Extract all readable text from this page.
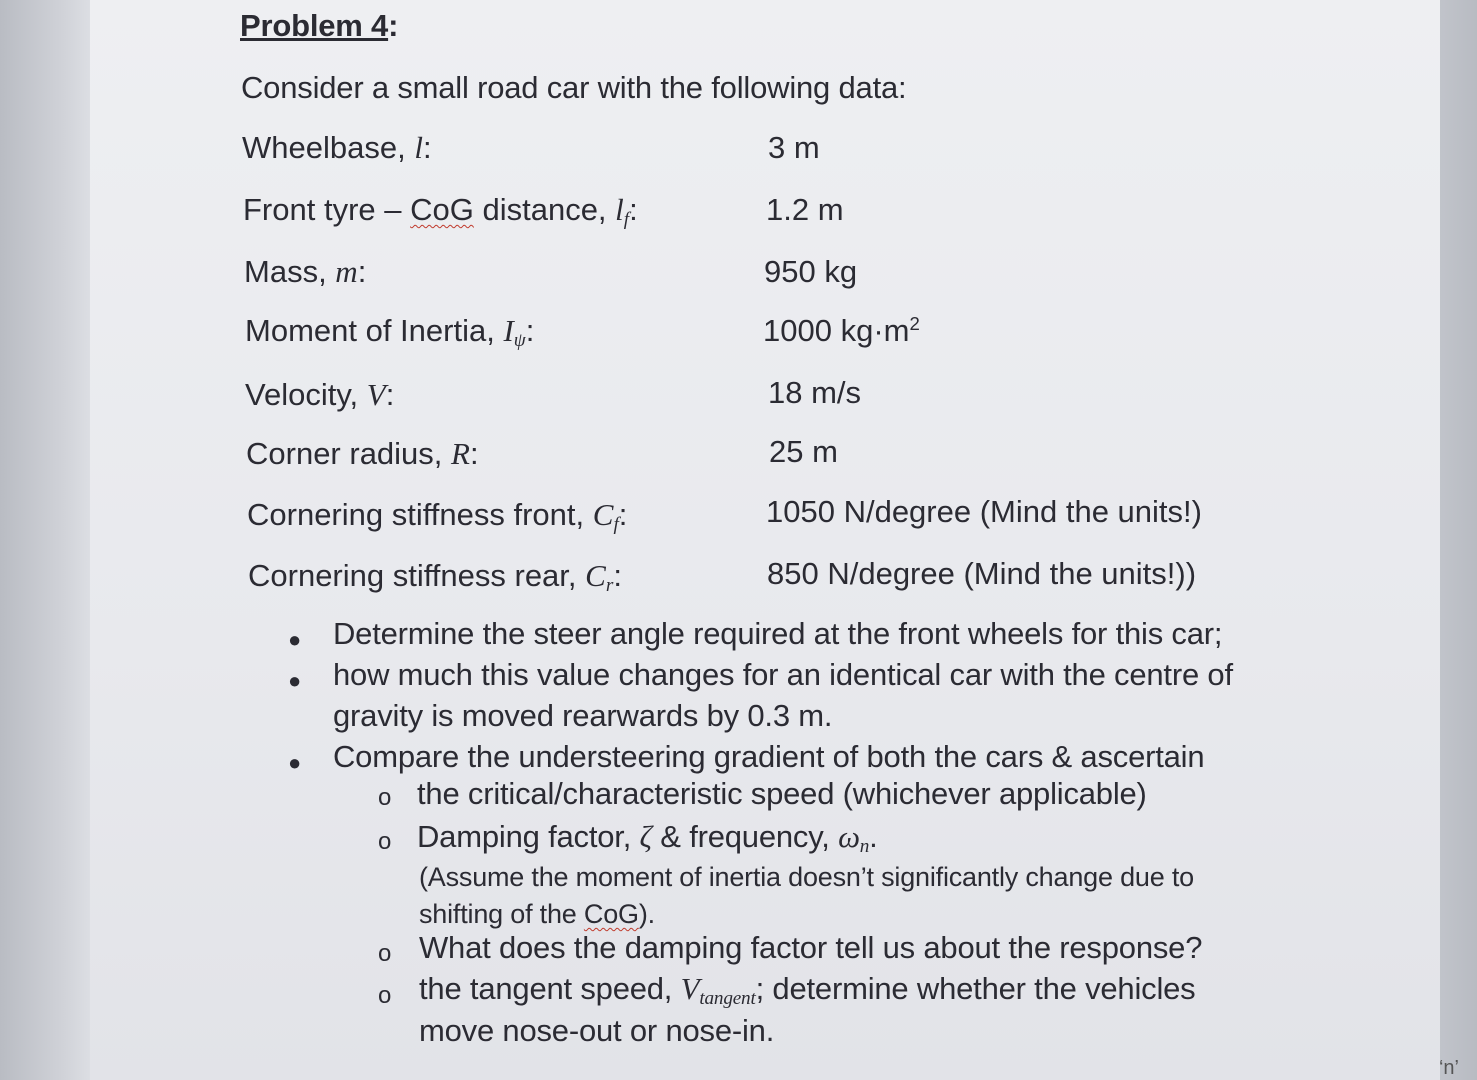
Problem 4:
Consider a small road car with the following data:
Wheelbase, l:	3 m
Front tyre – CoG distance, $l_f$:	1.2 m
Mass, m:	950 kg
Moment of Inertia, $I_\psi$:	1000 $kg\cdot m^2$
Velocity, V:	18 m/s
Corner radius, R:	25 m
Cornering stiffness front, $C_f$:	1050 N/degree (Mind the units!)
Cornering stiffness rear, $C_r$:	850 N/degree (Mind the units!))
● Determine the steer angle required at the front wheels for this car;
● how much this value changes for an identical car with the centre of
gravity is moved rearwards by 0.3 m.
● Compare the understeering gradient of both the cars & ascertain
o the critical/characteristic speed (whichever applicable)
o Damping factor, ζ & frequency, $\omega_n$.
(Assume the moment of inertia doesn’t significantly change due to
shifting of the CoG).
o What does the damping factor tell us about the response?
o the tangent speed, $V_{tangent}$; determine whether the vehicles
move nose-out or nose-in.
‘n’
